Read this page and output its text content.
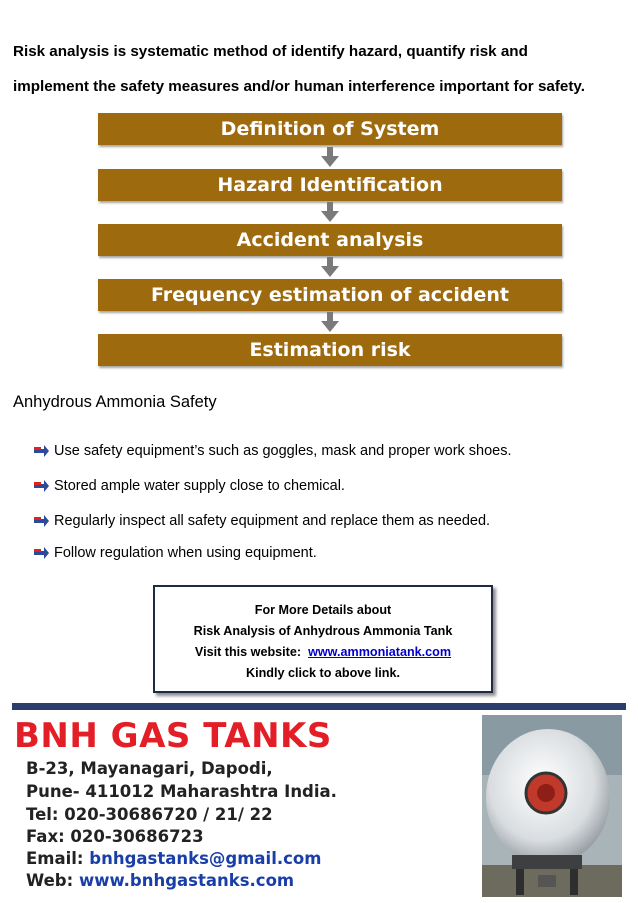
Risk analysis is systematic method of identify hazard, quantify risk and
implement the safety measures and/or human interference important for safety.
Definition of System
Hazard Identification
Accident analysis
Frequency estimation of accident
Estimation risk
Anhydrous Ammonia Safety
Use safety equipment’s such as goggles, mask and proper work shoes.
Stored ample water supply close to chemical.
Regularly inspect all safety equipment and replace them as needed.
Follow regulation when using equipment.
For More Details about
Risk Analysis of Anhydrous Ammonia Tank
Visit this website: www.ammoniatank.com
Kindly click to above link.
BNH GAS TANKS
B-23, Mayanagari, Dapodi,
Pune- 411012 Maharashtra India.
Tel: 020-30686720 / 21/ 22
Fax: 020-30686723
Email: bnhgastanks@gmail.com
Web: www.bnhgastanks.com
